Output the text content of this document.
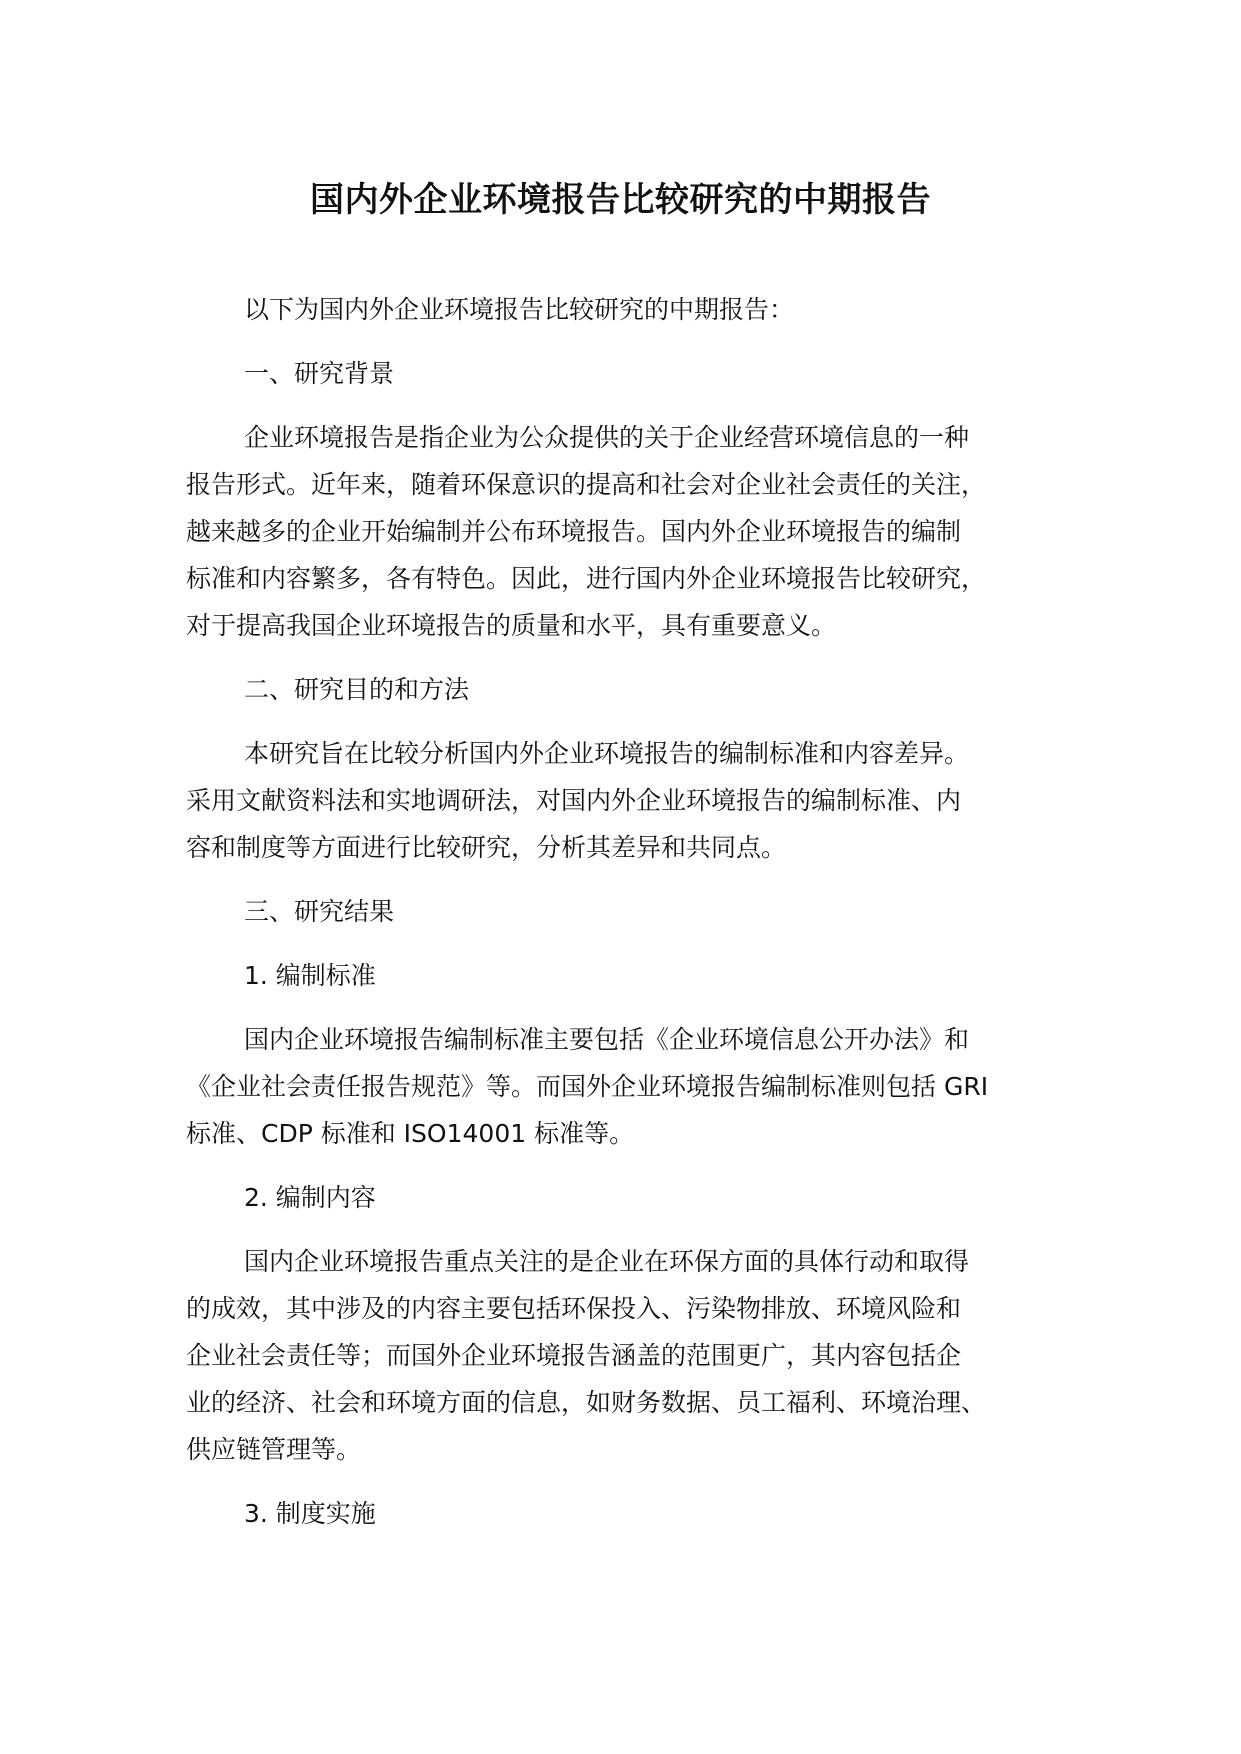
国内外企业环境报告比较研究的中期报告

以下为国内外企业环境报告比较研究的中期报告：

一、研究背景

企业环境报告是指企业为公众提供的关于企业经营环境信息的一种
报告形式。近年来，随着环保意识的提高和社会对企业社会责任的关注，
越来越多的企业开始编制并公布环境报告。国内外企业环境报告的编制
标准和内容繁多，各有特色。因此，进行国内外企业环境报告比较研究，
对于提高我国企业环境报告的质量和水平，具有重要意义。

二、研究目的和方法

本研究旨在比较分析国内外企业环境报告的编制标准和内容差异。
采用文献资料法和实地调研法，对国内外企业环境报告的编制标准、内
容和制度等方面进行比较研究，分析其差异和共同点。

三、研究结果

1. 编制标准

国内企业环境报告编制标准主要包括《企业环境信息公开办法》和
《企业社会责任报告规范》等。而国外企业环境报告编制标准则包括 GRI
标准、CDP 标准和 ISO14001 标准等。

2. 编制内容

国内企业环境报告重点关注的是企业在环保方面的具体行动和取得
的成效，其中涉及的内容主要包括环保投入、污染物排放、环境风险和
企业社会责任等；而国外企业环境报告涵盖的范围更广，其内容包括企
业的经济、社会和环境方面的信息，如财务数据、员工福利、环境治理、
供应链管理等。

3. 制度实施
